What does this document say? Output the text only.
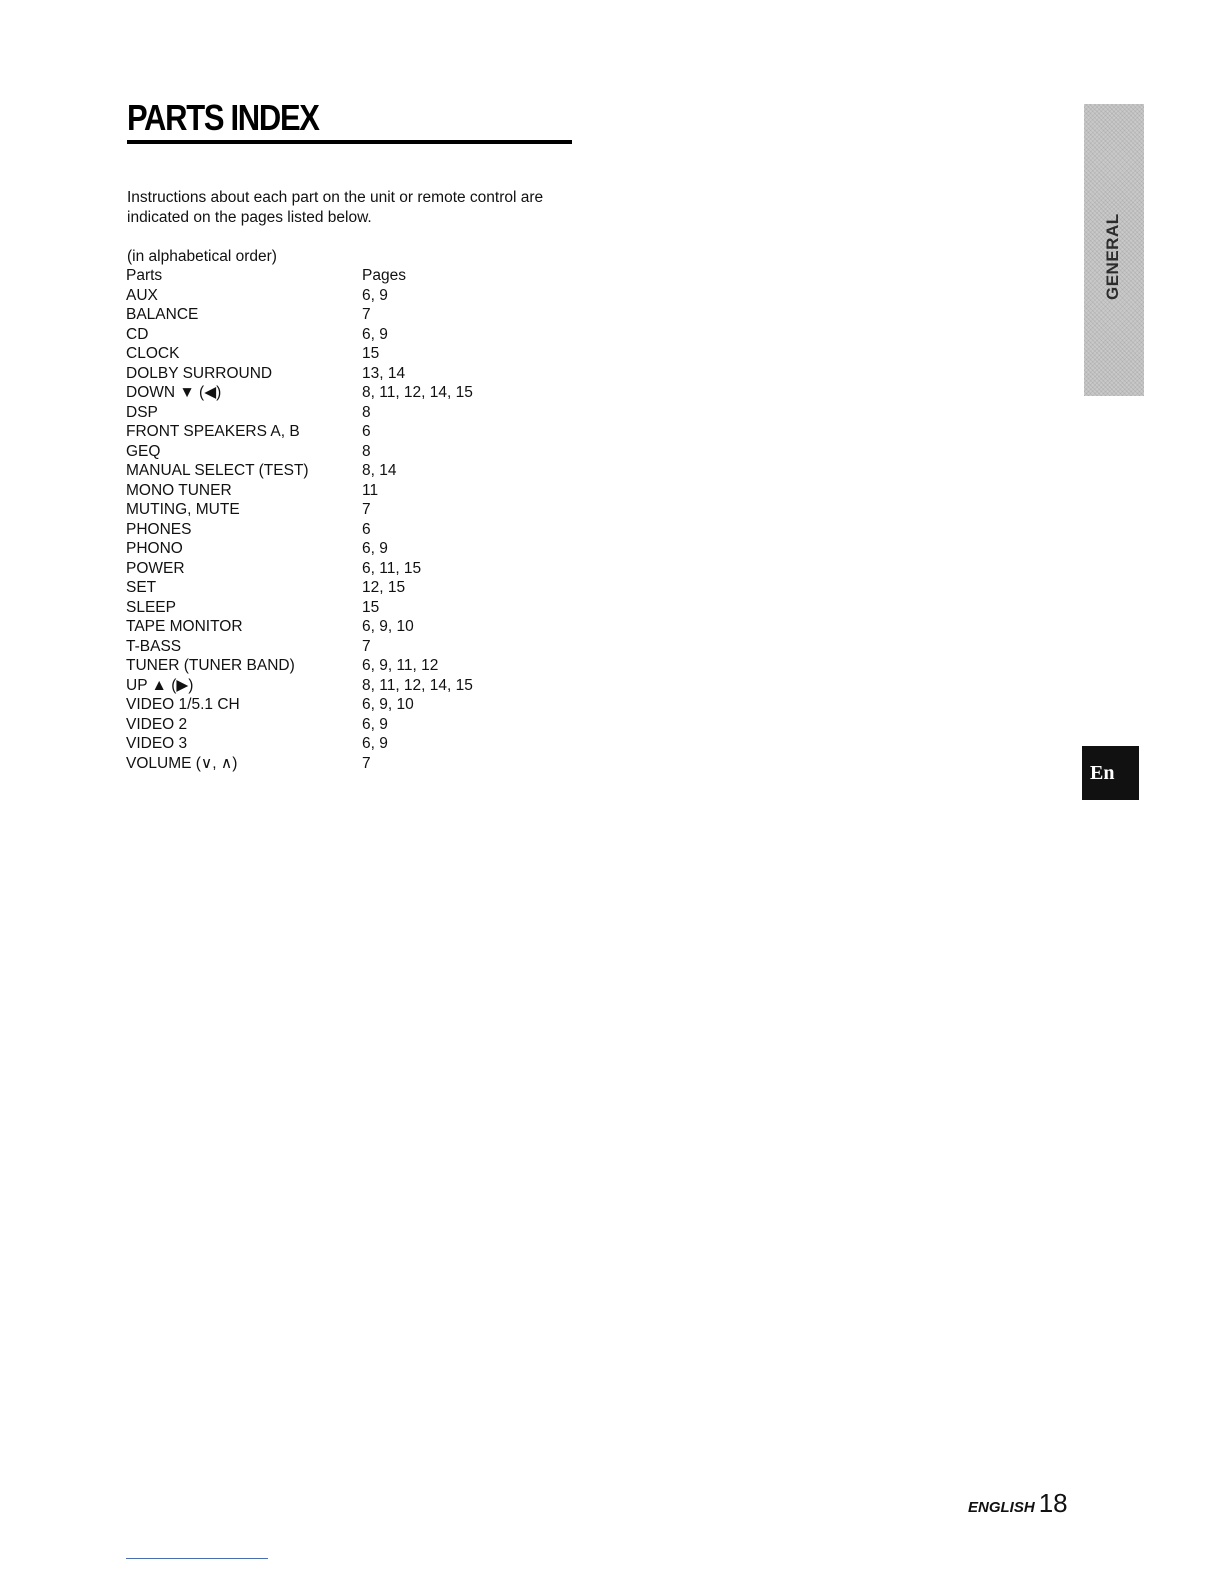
PARTS INDEX

Instructions about each part on the unit or remote control are indicated on the pages listed below.

(in alphabetical order)

Parts	Pages
AUX	6, 9
BALANCE	7
CD	6, 9
CLOCK	15
DOLBY SURROUND	13, 14
DOWN ▼ (◀)	8, 11, 12, 14, 15
DSP	8
FRONT SPEAKERS A, B	6
GEQ	8
MANUAL SELECT (TEST)	8, 14
MONO TUNER	11
MUTING, MUTE	7
PHONES	6
PHONO	6, 9
POWER	6, 11, 15
SET	12, 15
SLEEP	15
TAPE MONITOR	6, 9, 10
T-BASS	7
TUNER (TUNER BAND)	6, 9, 11, 12
UP ▲ (▶)	8, 11, 12, 14, 15
VIDEO 1/5.1 CH	6, 9, 10
VIDEO 2	6, 9
VIDEO 3	6, 9
VOLUME (∨, ∧)	7
GENERAL
En
ENGLISH 18
